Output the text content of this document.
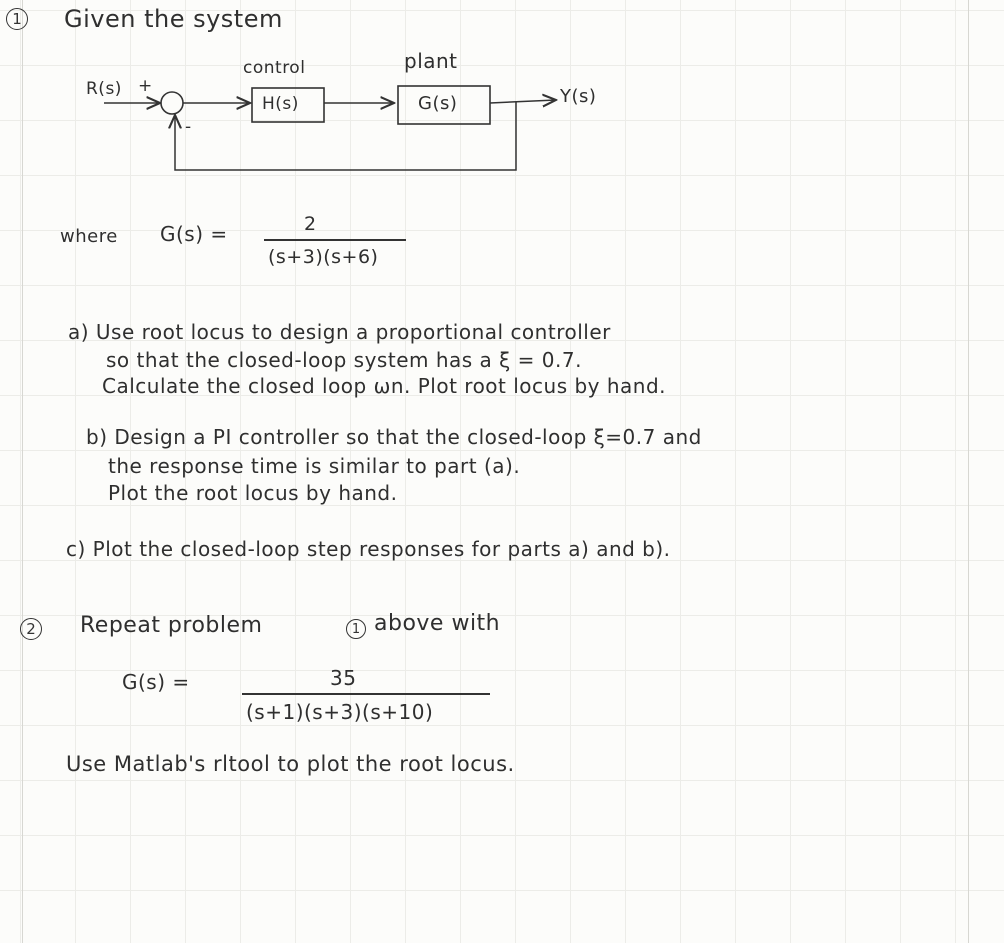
1 Given the system
R(s) +
-
control
H(s)
plant
G(s)	Y(s)
where G(s) =	2
(s+3)(s+6)
a) Use root locus to design a proportional controller
so that the closed-loop system has a ξ = 0.7.
Calculate the closed loop ωn. Plot root locus by hand.
b) Design a PI controller so that the closed-loop ξ=0.7 and
the response time is similar to part (a).
Plot the root locus by hand.
c) Plot the closed-loop step responses for parts a) and b).
2 Repeat problem	1 above with
G(s) =	35
(s+1)(s+3)(s+10)
Use Matlab's rltool to plot the root locus.
